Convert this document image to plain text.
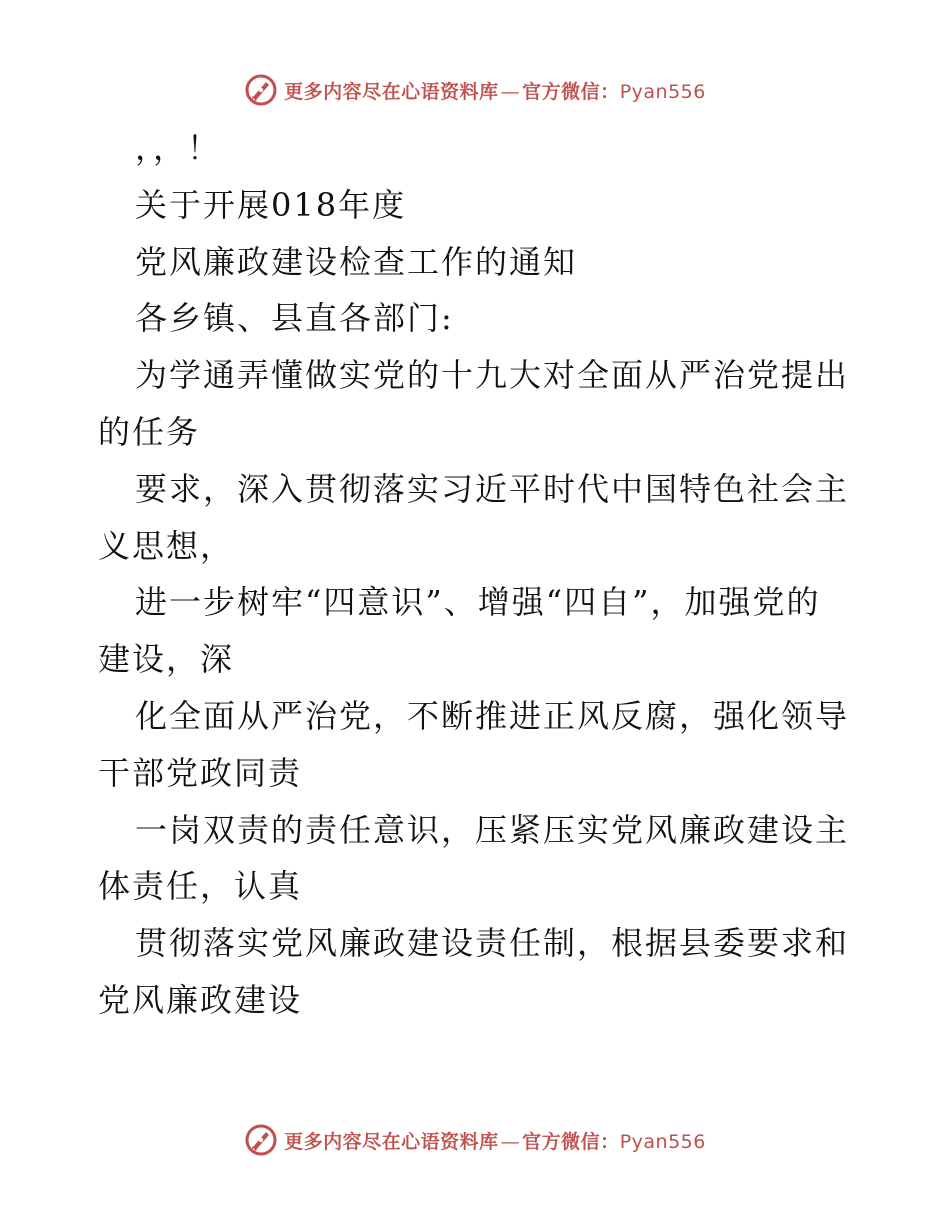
更多内容尽在心语资料库 — 官方微信：Pyan556

，，！

关于开展018年度

党风廉政建设检查工作的通知

各乡镇、县直各部门:

为学通弄懂做实党的十九大对全面从严治党提出的任务

要求，深入贯彻落实习近平时代中国特色社会主义思想，

进一步树牢“四意识”、增强“四自”，加强党的建设，深

化全面从严治党，不断推进正风反腐，强化领导干部党政同责

一岗双责的责任意识，压紧压实党风廉政建设主体责任，认真

贯彻落实党风廉政建设责任制，根据县委要求和党风廉政建设

更多内容尽在心语资料库 — 官方微信：Pyan556
